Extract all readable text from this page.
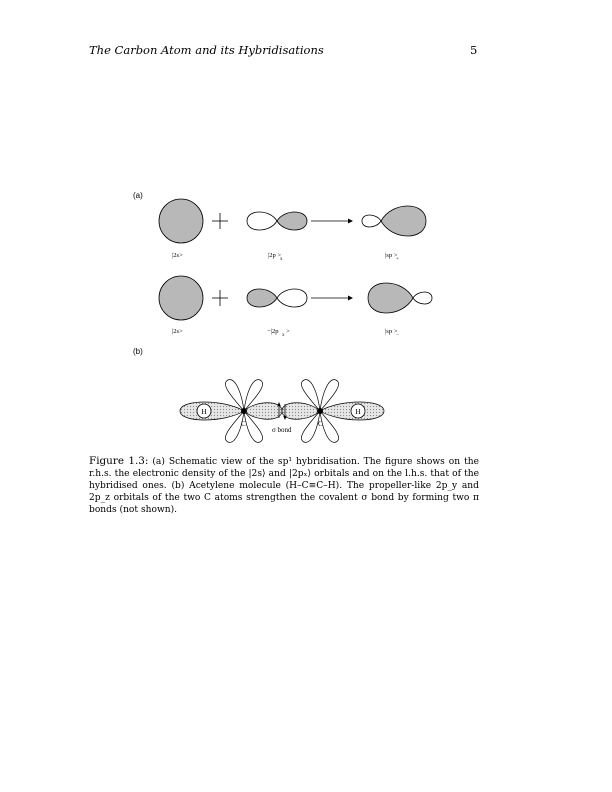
The Carbon Atom and its Hybridisations	5
(a)
(b)
|2s>	|2p >
x
|sp >
+
|2s>	−|2p
x
>	|sp >
−
H	H
C	C
σ bond
Figure 1.3: (a) Schematic view of the sp¹ hybridisation. The figure shows on the r.h.s. the electronic density of the |2s⟩ and |2pₓ⟩ orbitals and on the l.h.s. that of the hybridised ones. (b) Acetylene molecule (H–C≡C–H). The propeller-like 2p_y and 2p_z orbitals of the two C atoms strengthen the covalent σ bond by forming two π bonds (not shown).
